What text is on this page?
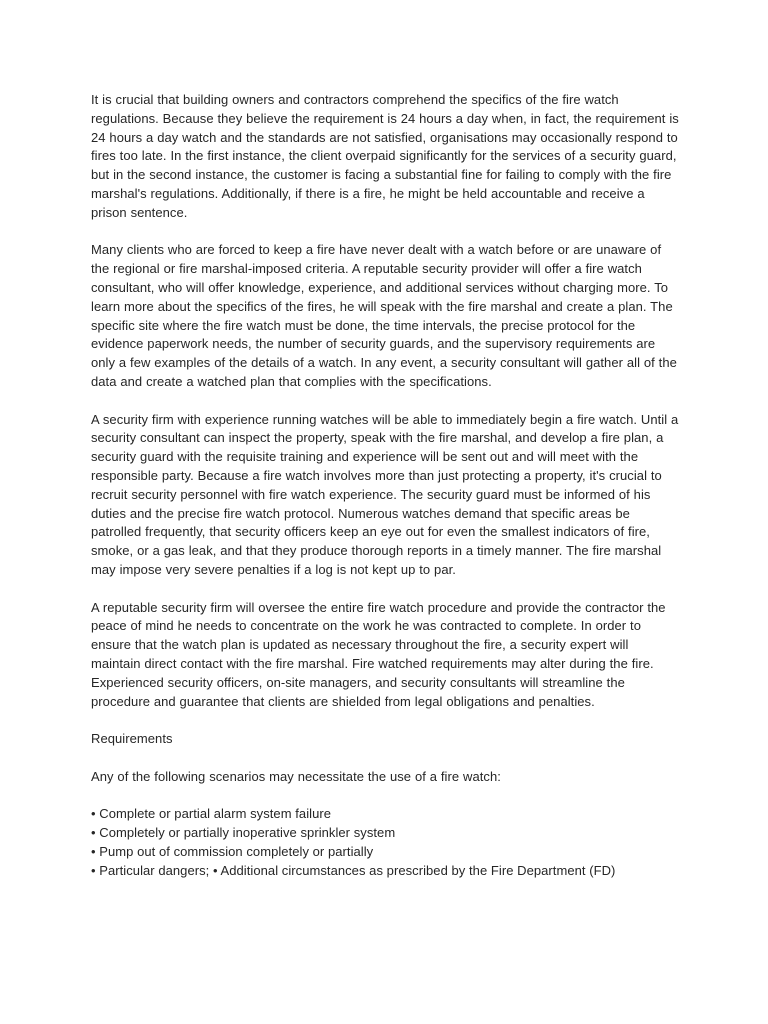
It is crucial that building owners and contractors comprehend the specifics of the fire watch regulations. Because they believe the requirement is 24 hours a day when, in fact, the requirement is 24 hours a day watch and the standards are not satisfied, organisations may occasionally respond to fires too late. In the first instance, the client overpaid significantly for the services of a security guard, but in the second instance, the customer is facing a substantial fine for failing to comply with the fire marshal's regulations. Additionally, if there is a fire, he might be held accountable and receive a prison sentence.

Many clients who are forced to keep a fire have never dealt with a watch before or are unaware of the regional or fire marshal-imposed criteria. A reputable security provider will offer a fire watch consultant, who will offer knowledge, experience, and additional services without charging more. To learn more about the specifics of the fires, he will speak with the fire marshal and create a plan. The specific site where the fire watch must be done, the time intervals, the precise protocol for the evidence paperwork needs, the number of security guards, and the supervisory requirements are only a few examples of the details of a watch. In any event, a security consultant will gather all of the data and create a watched plan that complies with the specifications.

A security firm with experience running watches will be able to immediately begin a fire watch. Until a security consultant can inspect the property, speak with the fire marshal, and develop a fire plan, a security guard with the requisite training and experience will be sent out and will meet with the responsible party. Because a fire watch involves more than just protecting a property, it's crucial to recruit security personnel with fire watch experience. The security guard must be informed of his duties and the precise fire watch protocol. Numerous watches demand that specific areas be patrolled frequently, that security officers keep an eye out for even the smallest indicators of fire, smoke, or a gas leak, and that they produce thorough reports in a timely manner. The fire marshal may impose very severe penalties if a log is not kept up to par.

A reputable security firm will oversee the entire fire watch procedure and provide the contractor the peace of mind he needs to concentrate on the work he was contracted to complete. In order to ensure that the watch plan is updated as necessary throughout the fire, a security expert will maintain direct contact with the fire marshal. Fire watched requirements may alter during the fire. Experienced security officers, on-site managers, and security consultants will streamline the procedure and guarantee that clients are shielded from legal obligations and penalties.

Requirements

Any of the following scenarios may necessitate the use of a fire watch:

• Complete or partial alarm system failure
• Completely or partially inoperative sprinkler system
• Pump out of commission completely or partially
• Particular dangers; • Additional circumstances as prescribed by the Fire Department (FD)
